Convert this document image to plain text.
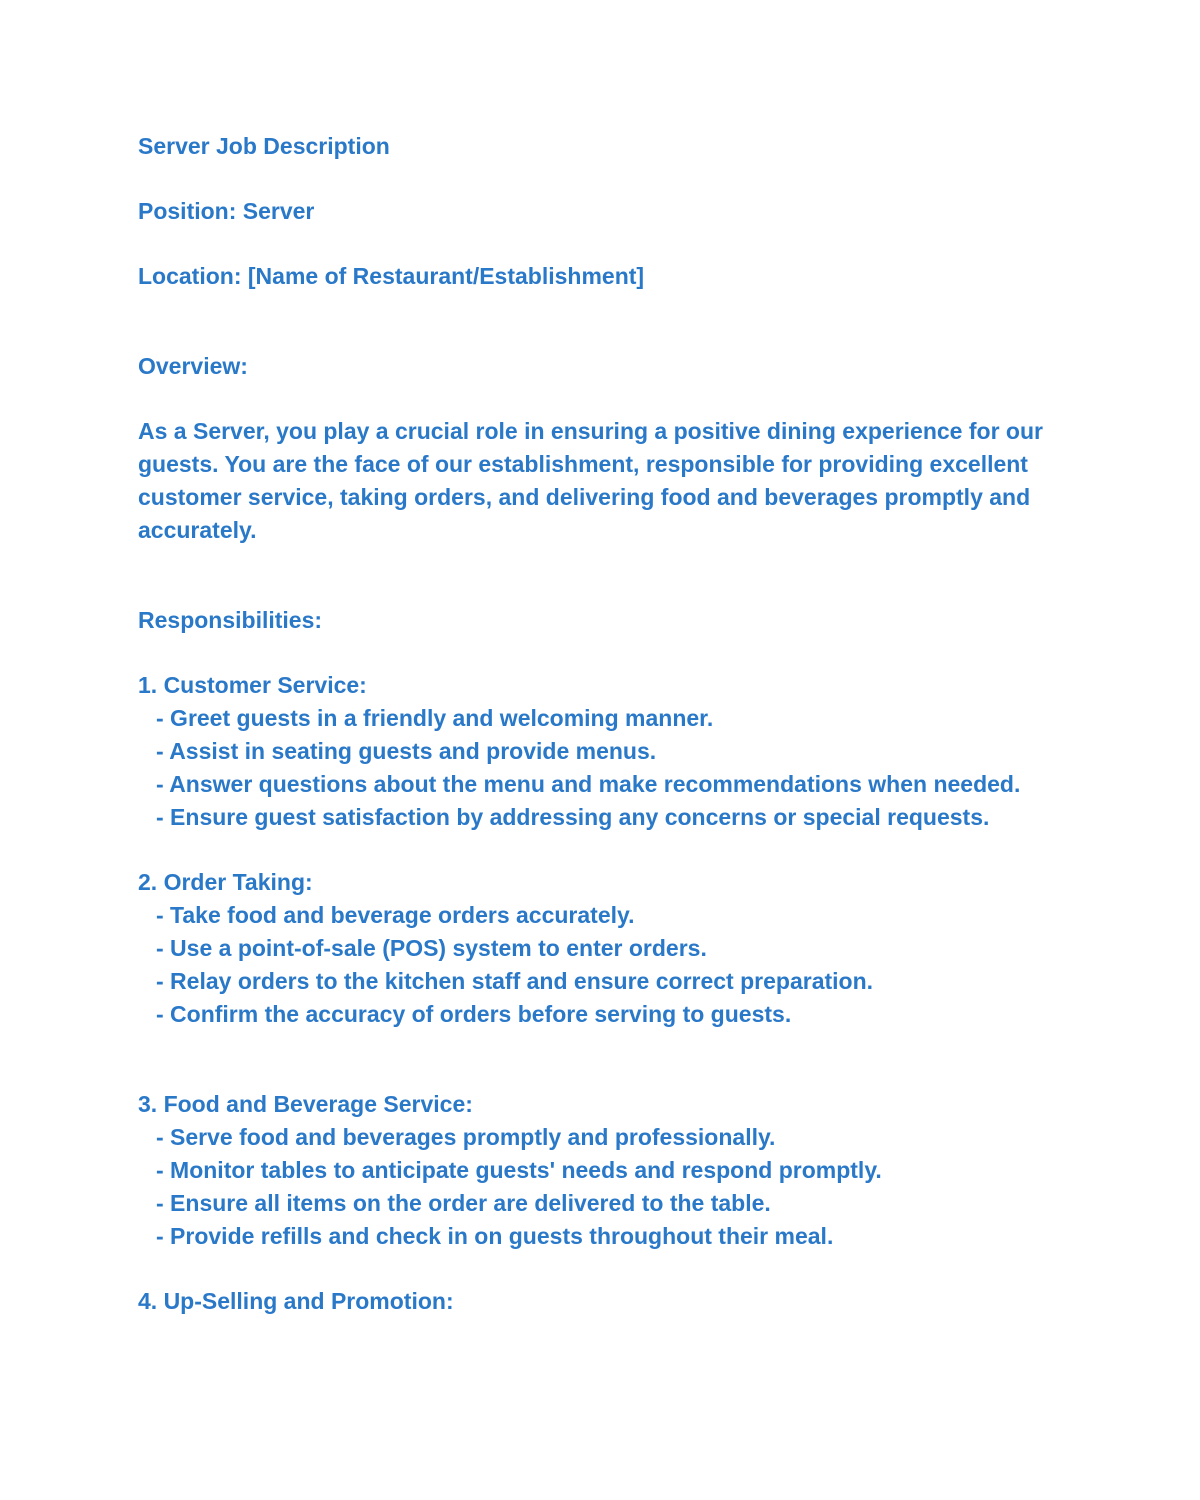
Server Job Description

Position: Server

Location: [Name of Restaurant/Establishment]

Overview:

As a Server, you play a crucial role in ensuring a positive dining experience for our guests. You are the face of our establishment, responsible for providing excellent customer service, taking orders, and delivering food and beverages promptly and accurately.

Responsibilities:

1. Customer Service:

- Greet guests in a friendly and welcoming manner.

- Assist in seating guests and provide menus.

- Answer questions about the menu and make recommendations when needed.

- Ensure guest satisfaction by addressing any concerns or special requests.

2. Order Taking:

- Take food and beverage orders accurately.

- Use a point-of-sale (POS) system to enter orders.

- Relay orders to the kitchen staff and ensure correct preparation.

- Confirm the accuracy of orders before serving to guests.

3. Food and Beverage Service:

- Serve food and beverages promptly and professionally.

- Monitor tables to anticipate guests' needs and respond promptly.

- Ensure all items on the order are delivered to the table.

- Provide refills and check in on guests throughout their meal.

4. Up-Selling and Promotion:
